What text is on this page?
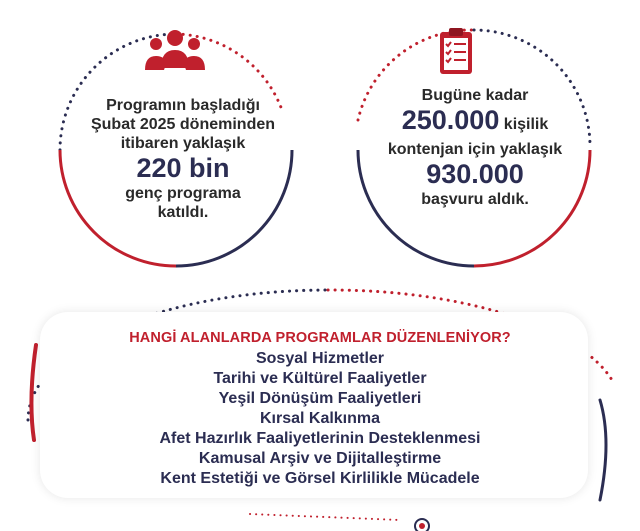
Programın başladığı
Şubat 2025 döneminden
itibaren yaklaşık
220 bin
genç programa
katıldı.
Bugüne kadar
250.000 kişilik
kontenjan için yaklaşık
930.000
başvuru aldık.
HANGİ ALANLARDA PROGRAMLAR DÜZENLENİYOR?
Sosyal Hizmetler
Tarihi ve Kültürel Faaliyetler
Yeşil Dönüşüm Faaliyetleri
Kırsal Kalkınma
Afet Hazırlık Faaliyetlerinin Desteklenmesi
Kamusal Arşiv ve Dijitalleştirme
Kent Estetiği ve Görsel Kirlilikle Mücadele
